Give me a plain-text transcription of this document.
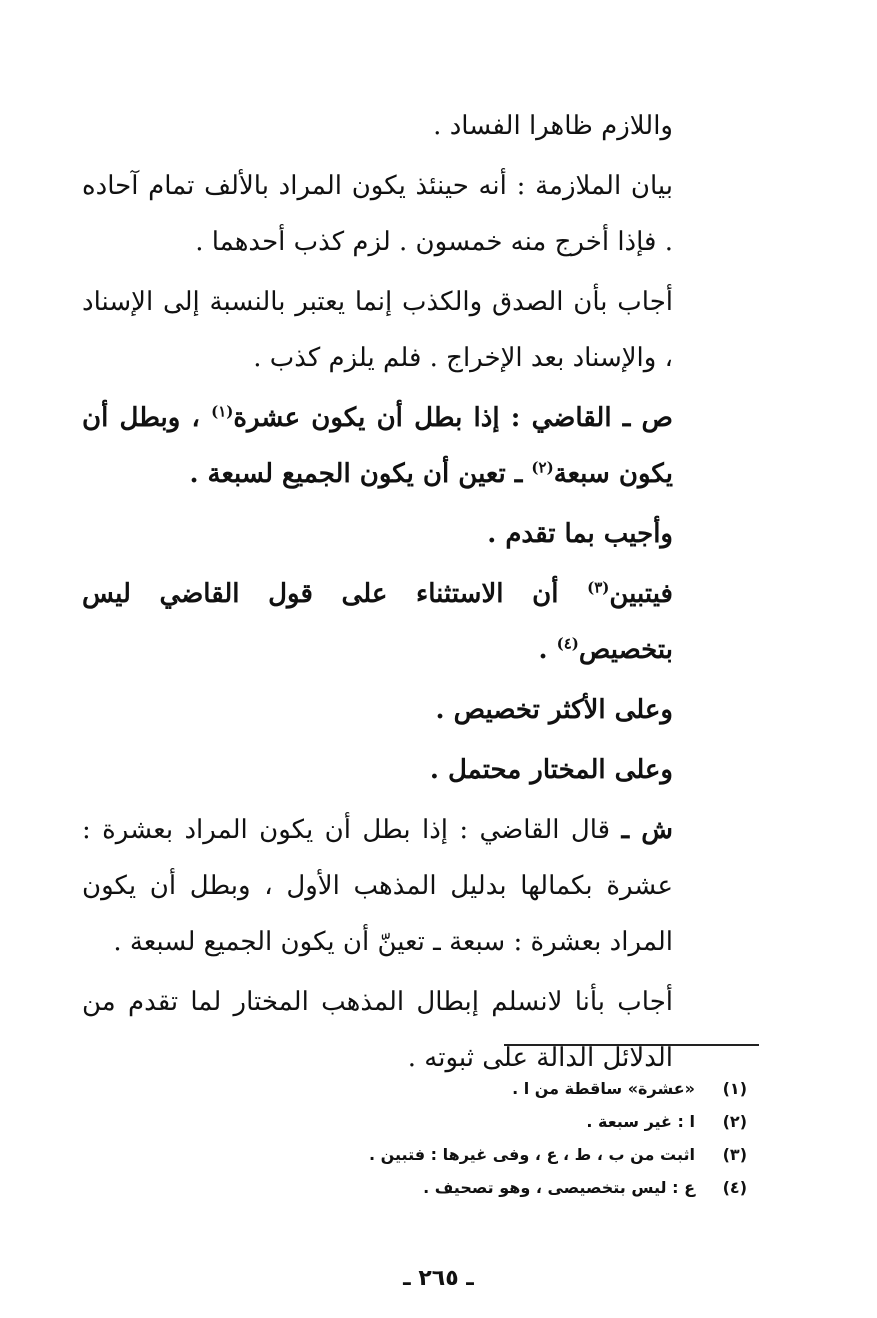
واللازم ظاهرا الفساد .

بيان الملازمة : أنه حينئذ يكون المراد بالألف تمام آحاده . فإذا أخرج منه خمسون . لزم كذب أحدهما .

أجاب بأن الصدق والكذب إنما يعتبر بالنسبة إلى الإسناد ، والإسناد بعد الإخراج . فلم يلزم كذب .

ص ـ القاضي : إذا بطل أن يكون عشرة$^{(١)}$ ، وبطل أن يكون سبعة$^{(٢)}$ ـ تعين أن يكون الجميع لسبعة .

وأجيب بما تقدم .

فيتبين$^{(٣)}$ أن الاستثناء على قول القاضي ليس بتخصيص$^{(٤)}$ .

وعلى الأكثر تخصيص .

وعلى المختار محتمل .

ش ـ قال القاضي : إذا بطل أن يكون المراد بعشرة : عشرة بكمالها بدليل المذهب الأول ، وبطل أن يكون المراد بعشرة : سبعة ـ تعينّ أن يكون الجميع لسبعة .

أجاب بأنا لانسلم إبطال المذهب المختار لما تقدم من الدلائل الدالة على ثبوته .

(١)
«عشرة» ساقطة من ا .
(٢)
ا : غير سبعة .
(٣)
اثبت من ب ، ط ، ع ، وفى غيرها : فتبين .
(٤)
ع : ليس بتخصيصى ، وهو تصحيف .
ـ ٢٦٥ ـ
